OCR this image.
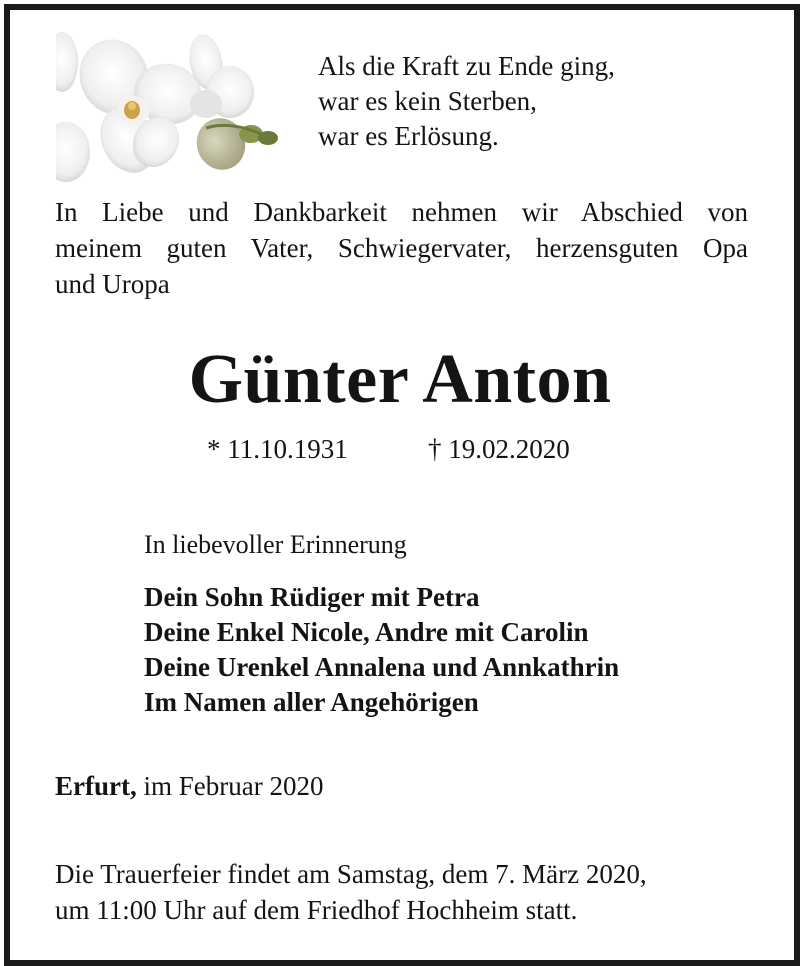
Als die Kraft zu Ende ging,
war es kein Sterben,
war es Erlösung.
In Liebe und Dankbarkeit nehmen wir Abschied von
meinem guten Vater, Schwiegervater, herzensguten Opa
und Uropa
Günter Anton
* 11.10.1931	† 19.02.2020
In liebevoller Erinnerung
Dein Sohn Rüdiger mit Petra
Deine Enkel Nicole, Andre mit Carolin
Deine Urenkel Annalena und Annkathrin
Im Namen aller Angehörigen
Erfurt, im Februar 2020
Die Trauerfeier findet am Samstag, dem 7. März 2020,
um 11:00 Uhr auf dem Friedhof Hochheim statt.
